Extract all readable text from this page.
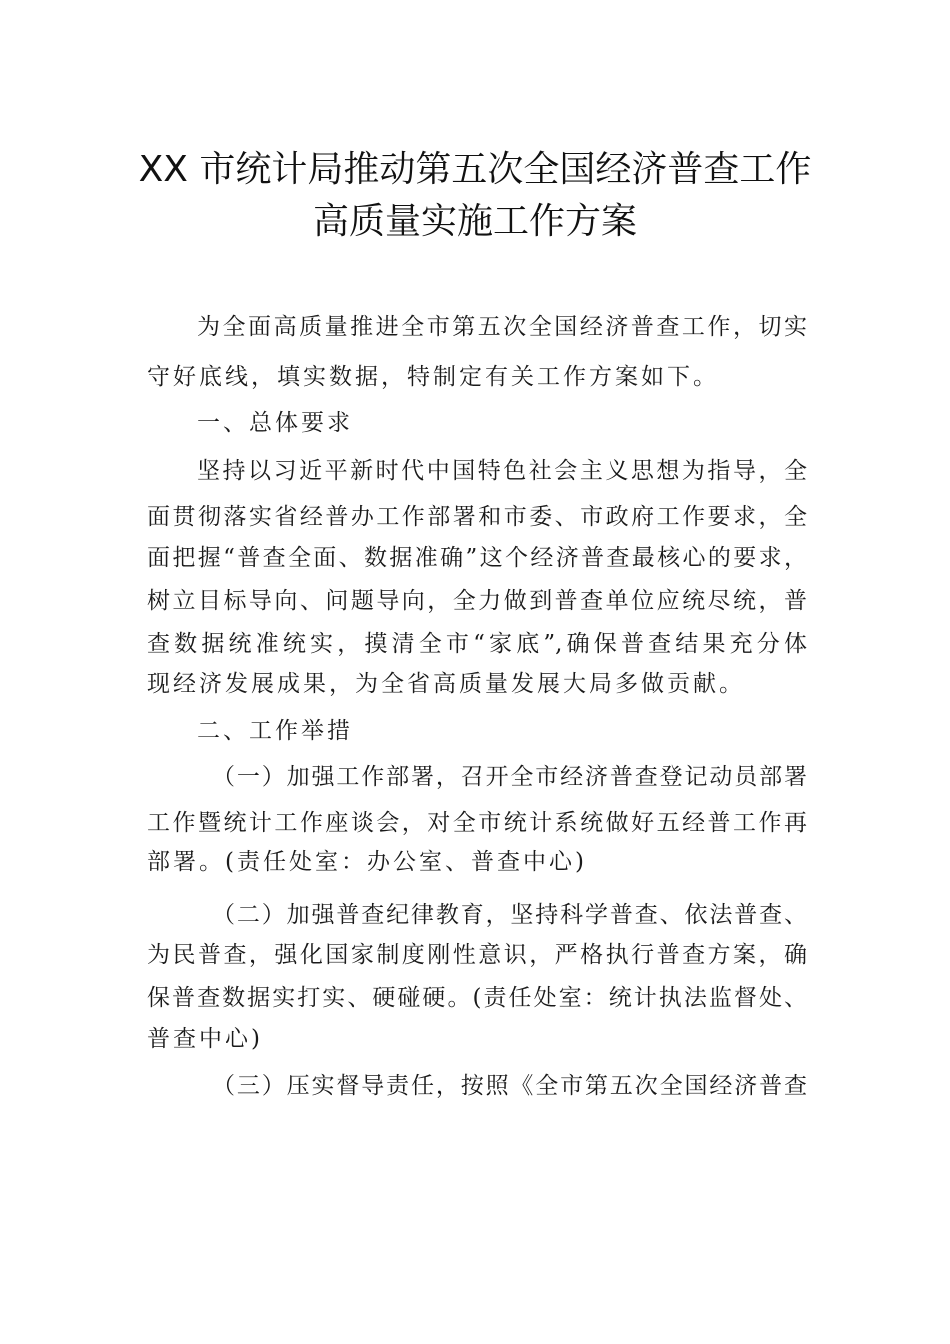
XX 市统计局推动第五次全国经济普查工作
高质量实施工作方案
为全面高质量推进全市第五次全国经济普查工作，切实
守好底线，填实数据，特制定有关工作方案如下。
一、总体要求
坚持以习近平新时代中国特色社会主义思想为指导，全
面贯彻落实省经普办工作部署和市委、市政府工作要求，全
面把握“普查全面、数据准确”这个经济普查最核心的要求，
树立目标导向、问题导向，全力做到普查单位应统尽统，普
查数据统准统实，摸清全市“家底”,确保普查结果充分体
现经济发展成果，为全省高质量发展大局多做贡献。
二、工作举措
（一）加强工作部署，召开全市经济普查登记动员部署
工作暨统计工作座谈会，对全市统计系统做好五经普工作再
部署。(责任处室：办公室、普查中心)
（二）加强普查纪律教育，坚持科学普查、依法普查、
为民普查，强化国家制度刚性意识，严格执行普查方案，确
保普查数据实打实、硬碰硬。(责任处室：统计执法监督处、
普查中心)
（三）压实督导责任，按照《全市第五次全国经济普查
